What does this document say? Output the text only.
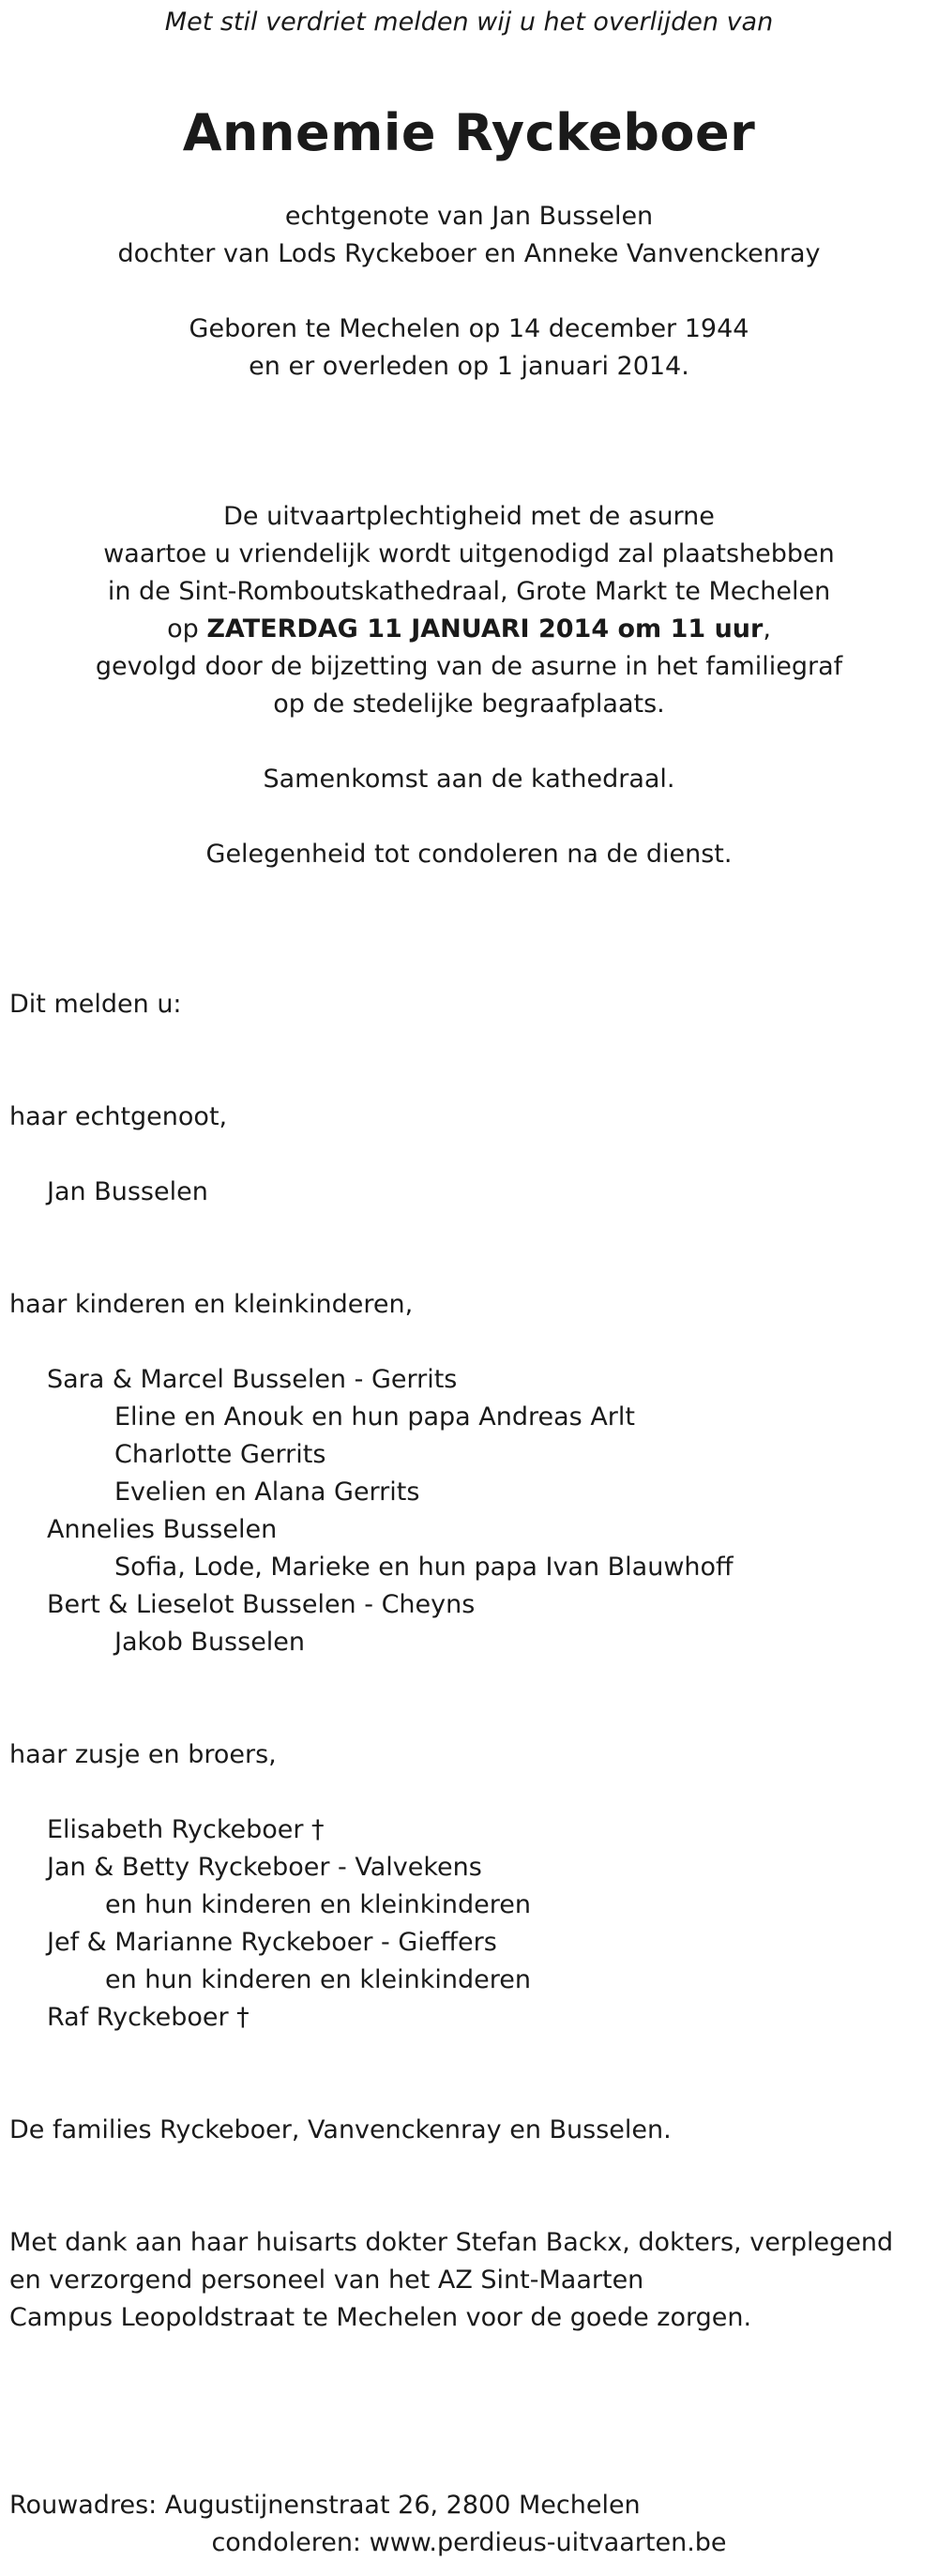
Met stil verdriet melden wij u het overlijden van
Annemie Ryckeboer
echtgenote van Jan Busselen
dochter van Lods Ryckeboer en Anneke Vanvenckenray
Geboren te Mechelen op 14 december 1944
en er overleden op 1 januari 2014.
De uitvaartplechtigheid met de asurne
waartoe u vriendelijk wordt uitgenodigd zal plaatshebben
in de Sint-Romboutskathedraal, Grote Markt te Mechelen
op ZATERDAG 11 JANUARI 2014 om 11 uur,
gevolgd door de bijzetting van de asurne in het familiegraf
op de stedelijke begraafplaats.
Samenkomst aan de kathedraal.
Gelegenheid tot condoleren na de dienst.
Dit melden u:
haar echtgenoot,
Jan Busselen
haar kinderen en kleinkinderen,
Sara & Marcel Busselen - Gerrits
Eline en Anouk en hun papa Andreas Arlt
Charlotte Gerrits
Evelien en Alana Gerrits
Annelies Busselen
Sofia, Lode, Marieke en hun papa Ivan Blauwhoff
Bert & Lieselot Busselen - Cheyns
Jakob Busselen
haar zusje en broers,
Elisabeth Ryckeboer †
Jan & Betty Ryckeboer - Valvekens
en hun kinderen en kleinkinderen
Jef & Marianne Ryckeboer - Gieffers
en hun kinderen en kleinkinderen
Raf Ryckeboer †
De families Ryckeboer, Vanvenckenray en Busselen.
Met dank aan haar huisarts dokter Stefan Backx, dokters, verplegend
en verzorgend personeel van het AZ Sint-Maarten
Campus Leopoldstraat te Mechelen voor de goede zorgen.
Rouwadres: Augustijnenstraat 26, 2800 Mechelen
condoleren: www.perdieus-uitvaarten.be
